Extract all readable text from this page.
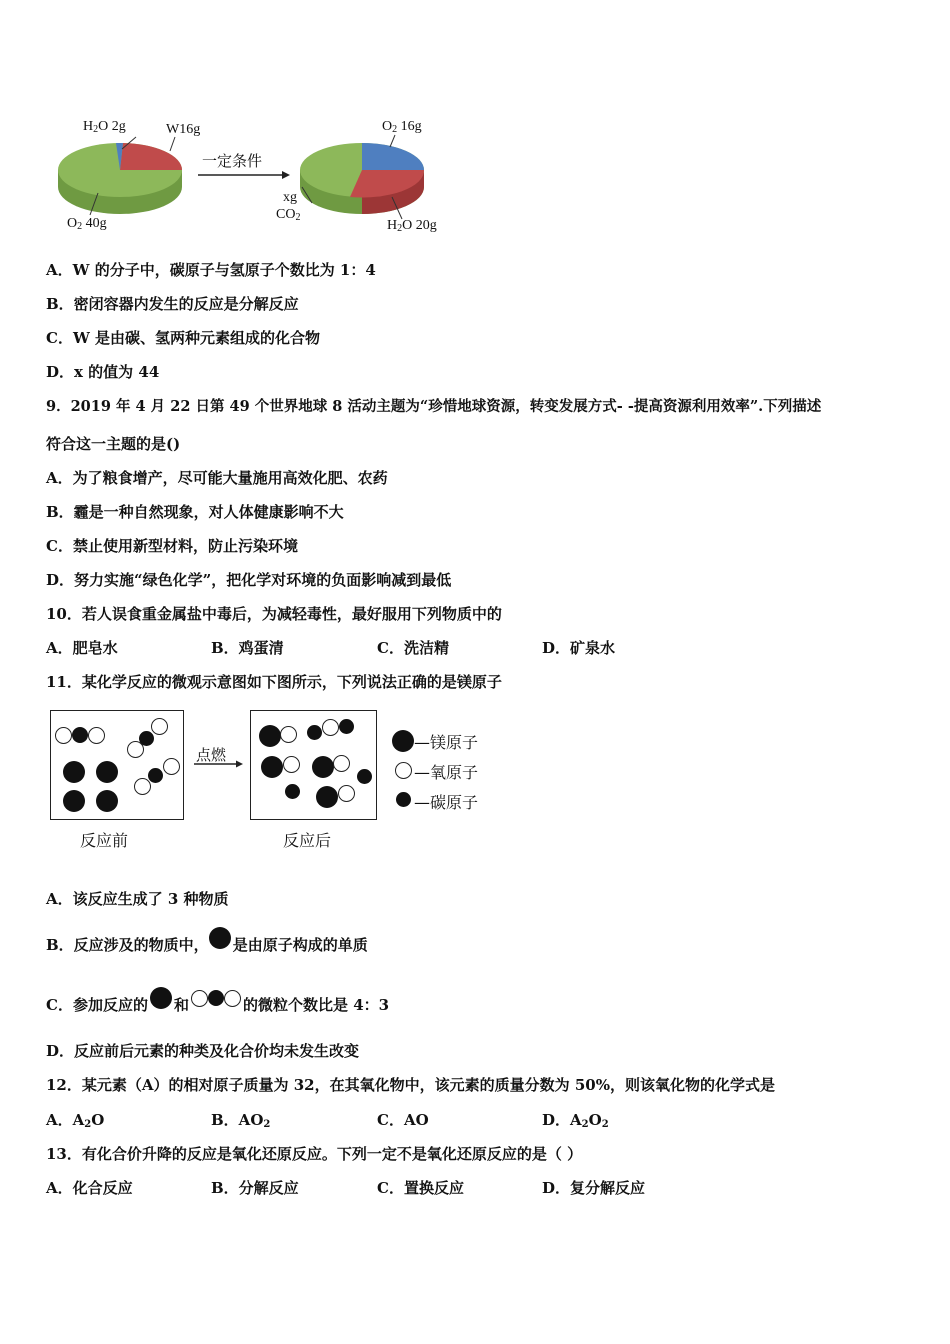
$H_2O$ 2g	W16g
$O_2$ 40g
一定条件
$O_2$ 16g
xg
$CO_2$
$H_2O$ 20g
A．W 的分子中，碳原子与氢原子个数比为 1：4
B．密闭容器内发生的反应是分解反应
C．W 是由碳、氢两种元素组成的化合物
D．x 的值为 44
9．2019 年 4 月 22 日第 49 个世界地球 8 活动主题为“珍惜地球资源，转变发展方式- -提高资源利用效率”.下列描述
符合这一主题的是()
A．为了粮食增产，尽可能大量施用高效化肥、农药
B．霾是一种自然现象，对人体健康影响不大
C．禁止使用新型材料，防止污染环境
D．努力实施“绿色化学”，把化学对环境的负面影响减到最低
10．若人误食重金属盐中毒后，为减轻毒性，最好服用下列物质中的
A．肥皂水	B．鸡蛋清	C．洗洁精	D．矿泉水
11．某化学反应的微观示意图如下图所示，下列说法正确的是镁原子
点燃
—镁原子
—氧原子
—碳原子
反应前	反应后
A．该反应生成了 3 种物质
B．反应涉及的物质中， 是由原子构成的单质
C．参加反应的 和	的微粒个数比是 4：3
D．反应前后元素的种类及化合价均未发生改变
12．某元素（A）的相对原子质量为 32，在其氧化物中，该元素的质量分数为 50%，则该氧化物的化学式是
A．$A_2O$	B．$AO_2$	C．AO	D．$A_2O_2$
13．有化合价升降的反应是氧化还原反应。下列一定不是氧化还原反应的是（ ）
A．化合反应	B．分解反应	C．置换反应	D．复分解反应
